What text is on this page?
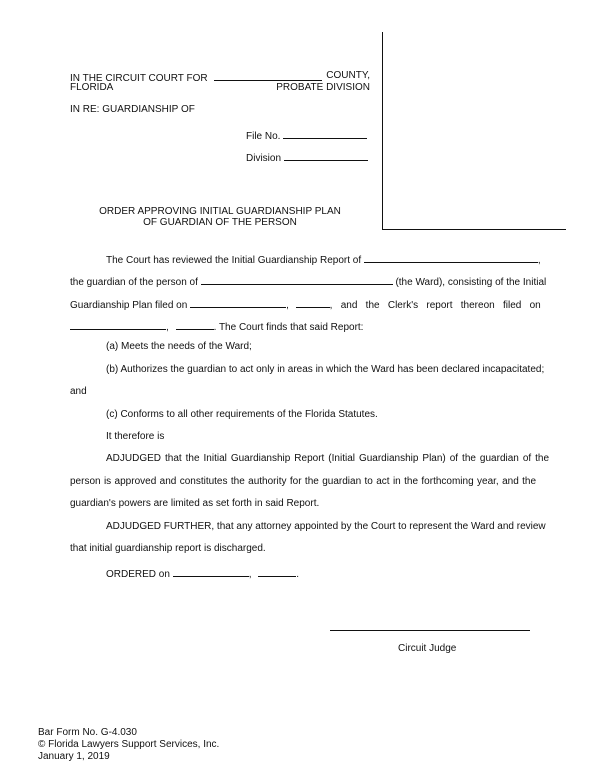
IN THE CIRCUIT COURT FOR	COUNTY,
FLORIDA	PROBATE DIVISION
IN RE: GUARDIANSHIP OF
File No.
Division
ORDER APPROVING INITIAL GUARDIANSHIP PLAN
OF GUARDIAN OF THE PERSON
The Court has reviewed the Initial Guardianship Report of	,
the guardian of the person of	(the Ward), consisting of the Initial
Guardianship Plan filed on	,	, and the Clerk's report thereon filed on
,	. The Court finds that said Report:
(a) Meets the needs of the Ward;
(b) Authorizes the guardian to act only in areas in which the Ward has been declared incapacitated;
and
(c) Conforms to all other requirements of the Florida Statutes.
It therefore is
ADJUDGED that the Initial Guardianship Report (Initial Guardianship Plan) of the guardian of the
person is approved and constitutes the authority for the guardian to act in the forthcoming year, and the
guardian's powers are limited as set forth in said Report.
ADJUDGED FURTHER, that any attorney appointed by the Court to represent the Ward and review
that initial guardianship report is discharged.
ORDERED on	,	.
Circuit Judge
Bar Form No. G-4.030
© Florida Lawyers Support Services, Inc.
January 1, 2019
